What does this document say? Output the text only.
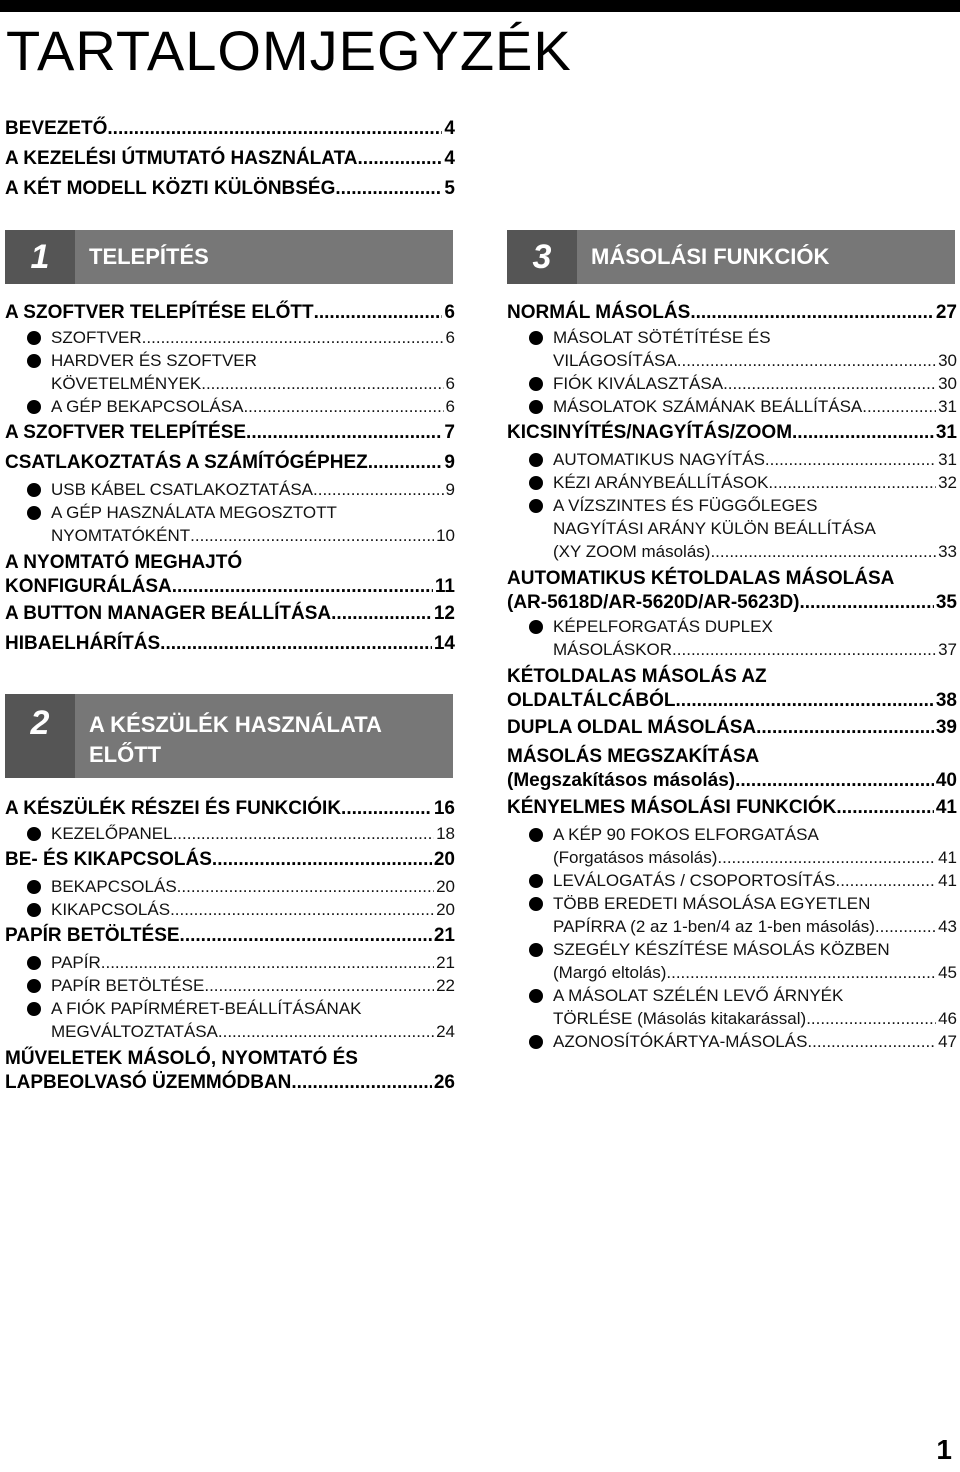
TARTALOMJEGYZÉK
BEVEZETŐ .....	4
A KEZELÉSI ÚTMUTATÓ HASZNÁLATA .....	4
A KÉT MODELL KÖZTI KÜLÖNBSÉG .....	5
1	TELEPÍTÉS
A SZOFTVER TELEPÍTÉSE ELŐTT .....	6
SZOFTVER .....	6
HARDVER ÉS SZOFTVER
KÖVETELMÉNYEK .....	6
A GÉP BEKAPCSOLÁSA .....	6
A SZOFTVER TELEPÍTÉSE .....	7
CSATLAKOZTATÁS A SZÁMÍTÓGÉPHEZ .....	9
USB KÁBEL CSATLAKOZTATÁSA .....	9
A GÉP HASZNÁLATA MEGOSZTOTT
NYOMTATÓKÉNT .....	10
A NYOMTATÓ MEGHAJTÓ
KONFIGURÁLÁSA .....	11
A BUTTON MANAGER BEÁLLÍTÁSA .....	12
HIBAELHÁRÍTÁS .....	14
2	A KÉSZÜLÉK HASZNÁLATA ELŐTT
A KÉSZÜLÉK RÉSZEI ÉS FUNKCIÓIK .....	16
KEZELŐPANEL .....	18
BE- ÉS KIKAPCSOLÁS .....	20
BEKAPCSOLÁS .....	20
KIKAPCSOLÁS .....	20
PAPÍR BETÖLTÉSE .....	21
PAPÍR .....	21
PAPÍR BETÖLTÉSE .....	22
A FIÓK PAPÍRMÉRET-BEÁLLÍTÁSÁNAK
MEGVÁLTOZTATÁSA .....	24
MŰVELETEK MÁSOLÓ, NYOMTATÓ ÉS
LAPBEOLVASÓ ÜZEMMÓDBAN .....	26
3	MÁSOLÁSI FUNKCIÓK
NORMÁL MÁSOLÁS .....	27
MÁSOLAT SÖTÉTÍTÉSE ÉS
VILÁGOSÍTÁSA .....	30
FIÓK KIVÁLASZTÁSA .....	30
MÁSOLATOK SZÁMÁNAK BEÁLLÍTÁSA .....	31
KICSINYÍTÉS/NAGYÍTÁS/ZOOM .....	31
AUTOMATIKUS NAGYÍTÁS .....	31
KÉZI ARÁNYBEÁLLÍTÁSOK .....	32
A VÍZSZINTES ÉS FÜGGŐLEGES
NAGYÍTÁSI ARÁNY KÜLÖN BEÁLLÍTÁSA
(XY ZOOM másolás) .....	33
AUTOMATIKUS KÉTOLDALAS MÁSOLÁSA
(AR-5618D/AR-5620D/AR-5623D) .....	35
KÉPELFORGATÁS DUPLEX
MÁSOLÁSKOR .....	37
KÉTOLDALAS MÁSOLÁS AZ
OLDALTÁLCÁBÓL .....	38
DUPLA OLDAL MÁSOLÁSA .....	39
MÁSOLÁS MEGSZAKÍTÁSA
(Megszakításos másolás) .....	40
KÉNYELMES MÁSOLÁSI FUNKCIÓK .....	41
A KÉP 90 FOKOS ELFORGATÁSA
(Forgatásos másolás) .....	41
LEVÁLOGATÁS / CSOPORTOSÍTÁS .....	41
TÖBB EREDETI MÁSOLÁSA EGYETLEN
PAPÍRRA (2 az 1-ben/4 az 1-ben másolás) .....	43
SZEGÉLY KÉSZÍTÉSE MÁSOLÁS KÖZBEN
(Margó eltolás) .....	45
A MÁSOLAT SZÉLÉN LEVŐ ÁRNYÉK
TÖRLÉSE (Másolás kitakarással) .....	46
AZONOSÍTÓKÁRTYA-MÁSOLÁS .....	47
1
